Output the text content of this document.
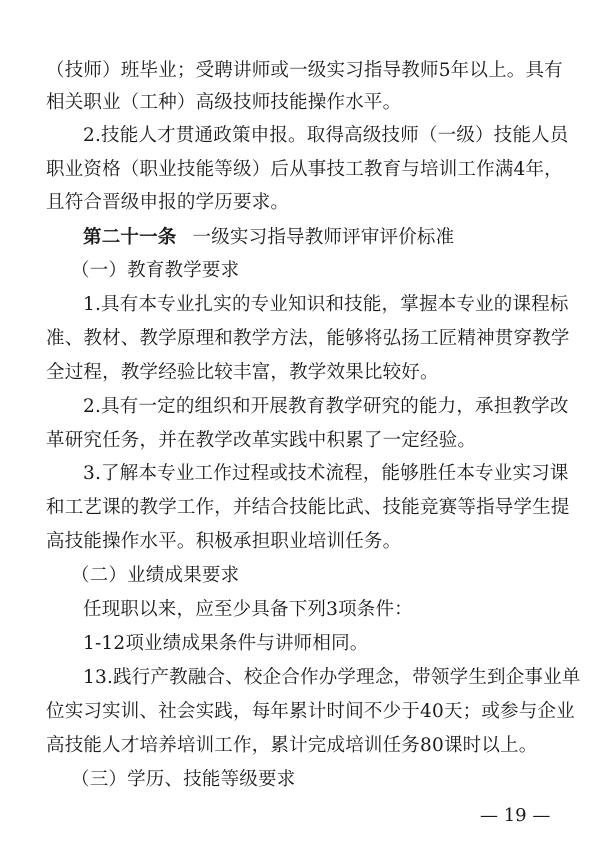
（技师）班毕业；受聘讲师或一级实习指导教师5年以上。具有
相关职业（工种）高级技师技能操作水平。
2.技能人才贯通政策申报。取得高级技师（一级）技能人员
职业资格（职业技能等级）后从事技工教育与培训工作满4年，
且符合晋级申报的学历要求。
第二十一条 一级实习指导教师评审评价标准
（一）教育教学要求
1.具有本专业扎实的专业知识和技能，掌握本专业的课程标
准、教材、教学原理和教学方法，能够将弘扬工匠精神贯穿教学
全过程，教学经验比较丰富，教学效果比较好。
2.具有一定的组织和开展教育教学研究的能力，承担教学改
革研究任务，并在教学改革实践中积累了一定经验。
3.了解本专业工作过程或技术流程，能够胜任本专业实习课
和工艺课的教学工作，并结合技能比武、技能竞赛等指导学生提
高技能操作水平。积极承担职业培训任务。
（二）业绩成果要求
任现职以来，应至少具备下列3项条件：
1-12项业绩成果条件与讲师相同。
13.践行产教融合、校企合作办学理念，带领学生到企事业单
位实习实训、社会实践，每年累计时间不少于40天；或参与企业
高技能人才培养培训工作，累计完成培训任务80课时以上。
（三）学历、技能等级要求
— 19 —
